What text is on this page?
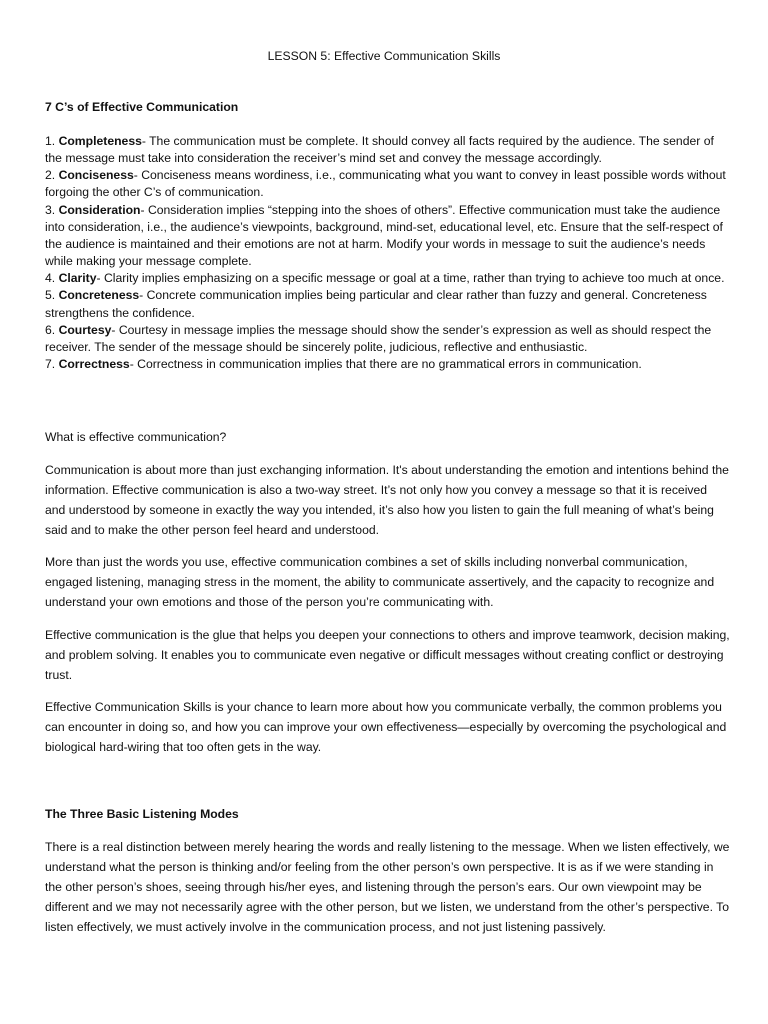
LESSON 5: Effective Communication Skills
7 C’s of Effective Communication

1. Completeness- The communication must be complete. It should convey all facts required by the audience. The sender of the message must take into consideration the receiver’s mind set and convey the message accordingly.

2. Conciseness- Conciseness means wordiness, i.e., communicating what you want to convey in least possible words without forgoing the other C’s of communication.

3. Consideration- Consideration implies “stepping into the shoes of others”. Effective communication must take the audience into consideration, i.e., the audience’s viewpoints, background, mind-set, educational level, etc. Ensure that the self-respect of the audience is maintained and their emotions are not at harm. Modify your words in message to suit the audience’s needs while making your message complete.

4. Clarity- Clarity implies emphasizing on a specific message or goal at a time, rather than trying to achieve too much at once.

5. Concreteness- Concrete communication implies being particular and clear rather than fuzzy and general. Concreteness strengthens the confidence.

6. Courtesy- Courtesy in message implies the message should show the sender’s expression as well as should respect the receiver. The sender of the message should be sincerely polite, judicious, reflective and enthusiastic.

7. Correctness- Correctness in communication implies that there are no grammatical errors in communication.

What is effective communication?

Communication is about more than just exchanging information. It's about understanding the emotion and intentions behind the information. Effective communication is also a two-way street. It’s not only how you convey a message so that it is received and understood by someone in exactly the way you intended, it’s also how you listen to gain the full meaning of what’s being said and to make the other person feel heard and understood.

More than just the words you use, effective communication combines a set of skills including nonverbal communication, engaged listening, managing stress in the moment, the ability to communicate assertively, and the capacity to recognize and understand your own emotions and those of the person you’re communicating with.

Effective communication is the glue that helps you deepen your connections to others and improve teamwork, decision making, and problem solving. It enables you to communicate even negative or difficult messages without creating conflict or destroying trust.

Effective Communication Skills is your chance to learn more about how you communicate verbally, the common problems you can encounter in doing so, and how you can improve your own effectiveness—especially by overcoming the psychological and biological hard-wiring that too often gets in the way.

The Three Basic Listening Modes

There is a real distinction between merely hearing the words and really listening to the message. When we listen effectively, we understand what the person is thinking and/or feeling from the other person’s own perspective. It is as if we were standing in the other person’s shoes, seeing through his/her eyes, and listening through the person’s ears. Our own viewpoint may be different and we may not necessarily agree with the other person, but we listen, we understand from the other’s perspective. To listen effectively, we must actively involve in the communication process, and not just listening passively.
